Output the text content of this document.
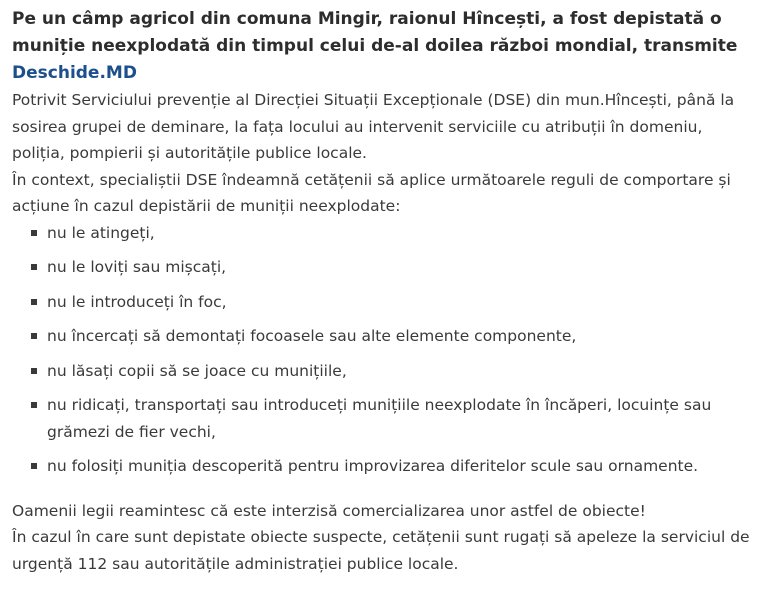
Pe un câmp agricol din comuna Mingir, raionul Hîncești, a fost depistată o muniție neexplodată din timpul celui de-al doilea război mondial, transmite Deschide.MD

Potrivit Serviciului prevenție al Direcției Situații Excepționale (DSE) din mun.Hîncești, până la sosirea grupei de deminare, la fața locului au intervenit serviciile cu atribuții în domeniu, poliția, pompierii și autoritățile publice locale.

În context, specialiștii DSE îndeamnă cetățenii să aplice următoarele reguli de comportare și acțiune în cazul depistării de muniții neexplodate:

nu le atingeți,
nu le loviți sau mișcați,
nu le introduceți în foc,
nu încercați să demontați focoasele sau alte elemente componente,
nu lăsați copii să se joace cu munițiile,
nu ridicați, transportați sau introduceți munițiile neexplodate în încăperi, locuințe sau grămezi de fier vechi,
nu folosiți muniția descoperită pentru improvizarea diferitelor scule sau ornamente.

Oamenii legii reamintesc că este interzisă comercializarea unor astfel de obiecte!

În cazul în care sunt depistate obiecte suspecte, cetățenii sunt rugați să apeleze la serviciul de urgență 112 sau autoritățile administrației publice locale.
